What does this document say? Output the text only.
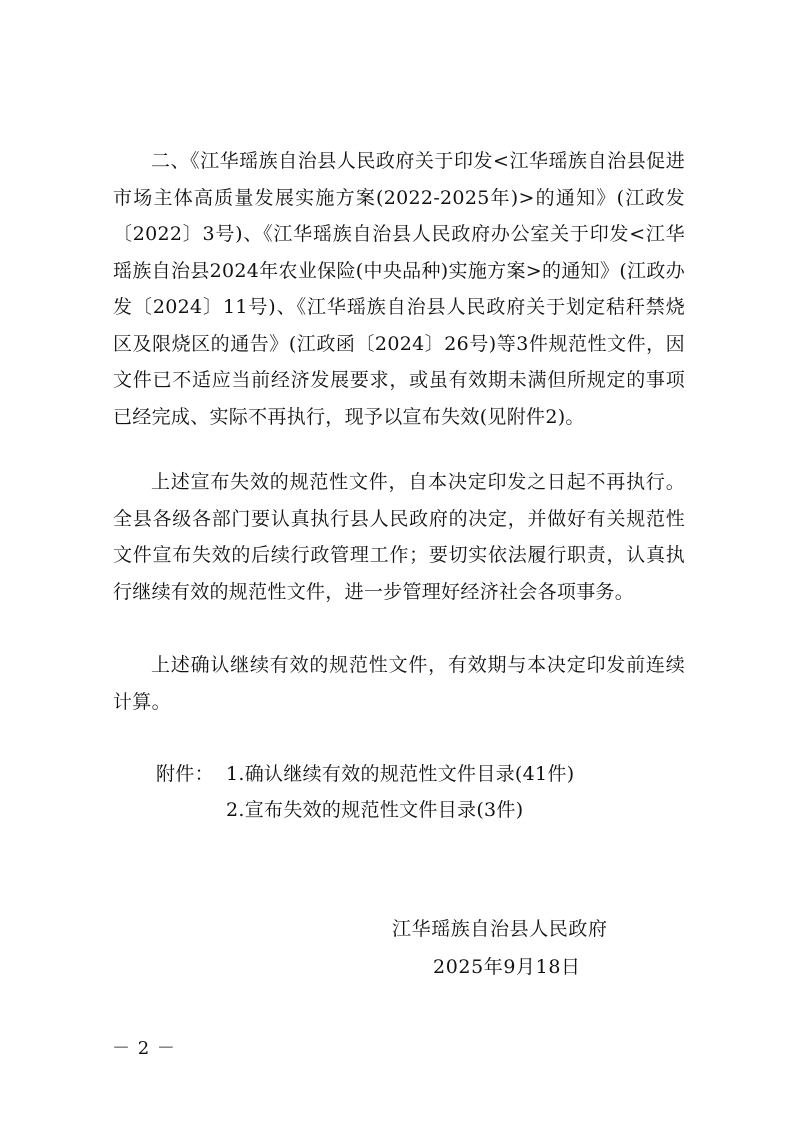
二、《江华瑶族自治县人民政府关于印发<江华瑶族自治县促进市场主体高质量发展实施方案(2022-2025年)>的通知》(江政发〔2022〕3号)、《江华瑶族自治县人民政府办公室关于印发<江华瑶族自治县2024年农业保险(中央品种)实施方案>的通知》(江政办发〔2024〕11号)、《江华瑶族自治县人民政府关于划定秸秆禁烧区及限烧区的通告》(江政函〔2024〕26号)等3件规范性文件，因文件已不适应当前经济发展要求，或虽有效期未满但所规定的事项已经完成、实际不再执行，现予以宣布失效(见附件2)。

上述宣布失效的规范性文件，自本决定印发之日起不再执行。全县各级各部门要认真执行县人民政府的决定，并做好有关规范性文件宣布失效的后续行政管理工作；要切实依法履行职责，认真执行继续有效的规范性文件，进一步管理好经济社会各项事务。

上述确认继续有效的规范性文件，有效期与本决定印发前连续计算。

附件： 1.确认继续有效的规范性文件目录(41件)

2.宣布失效的规范性文件目录(3件)

江华瑶族自治县人民政府

2025年9月18日

－ 2 －
